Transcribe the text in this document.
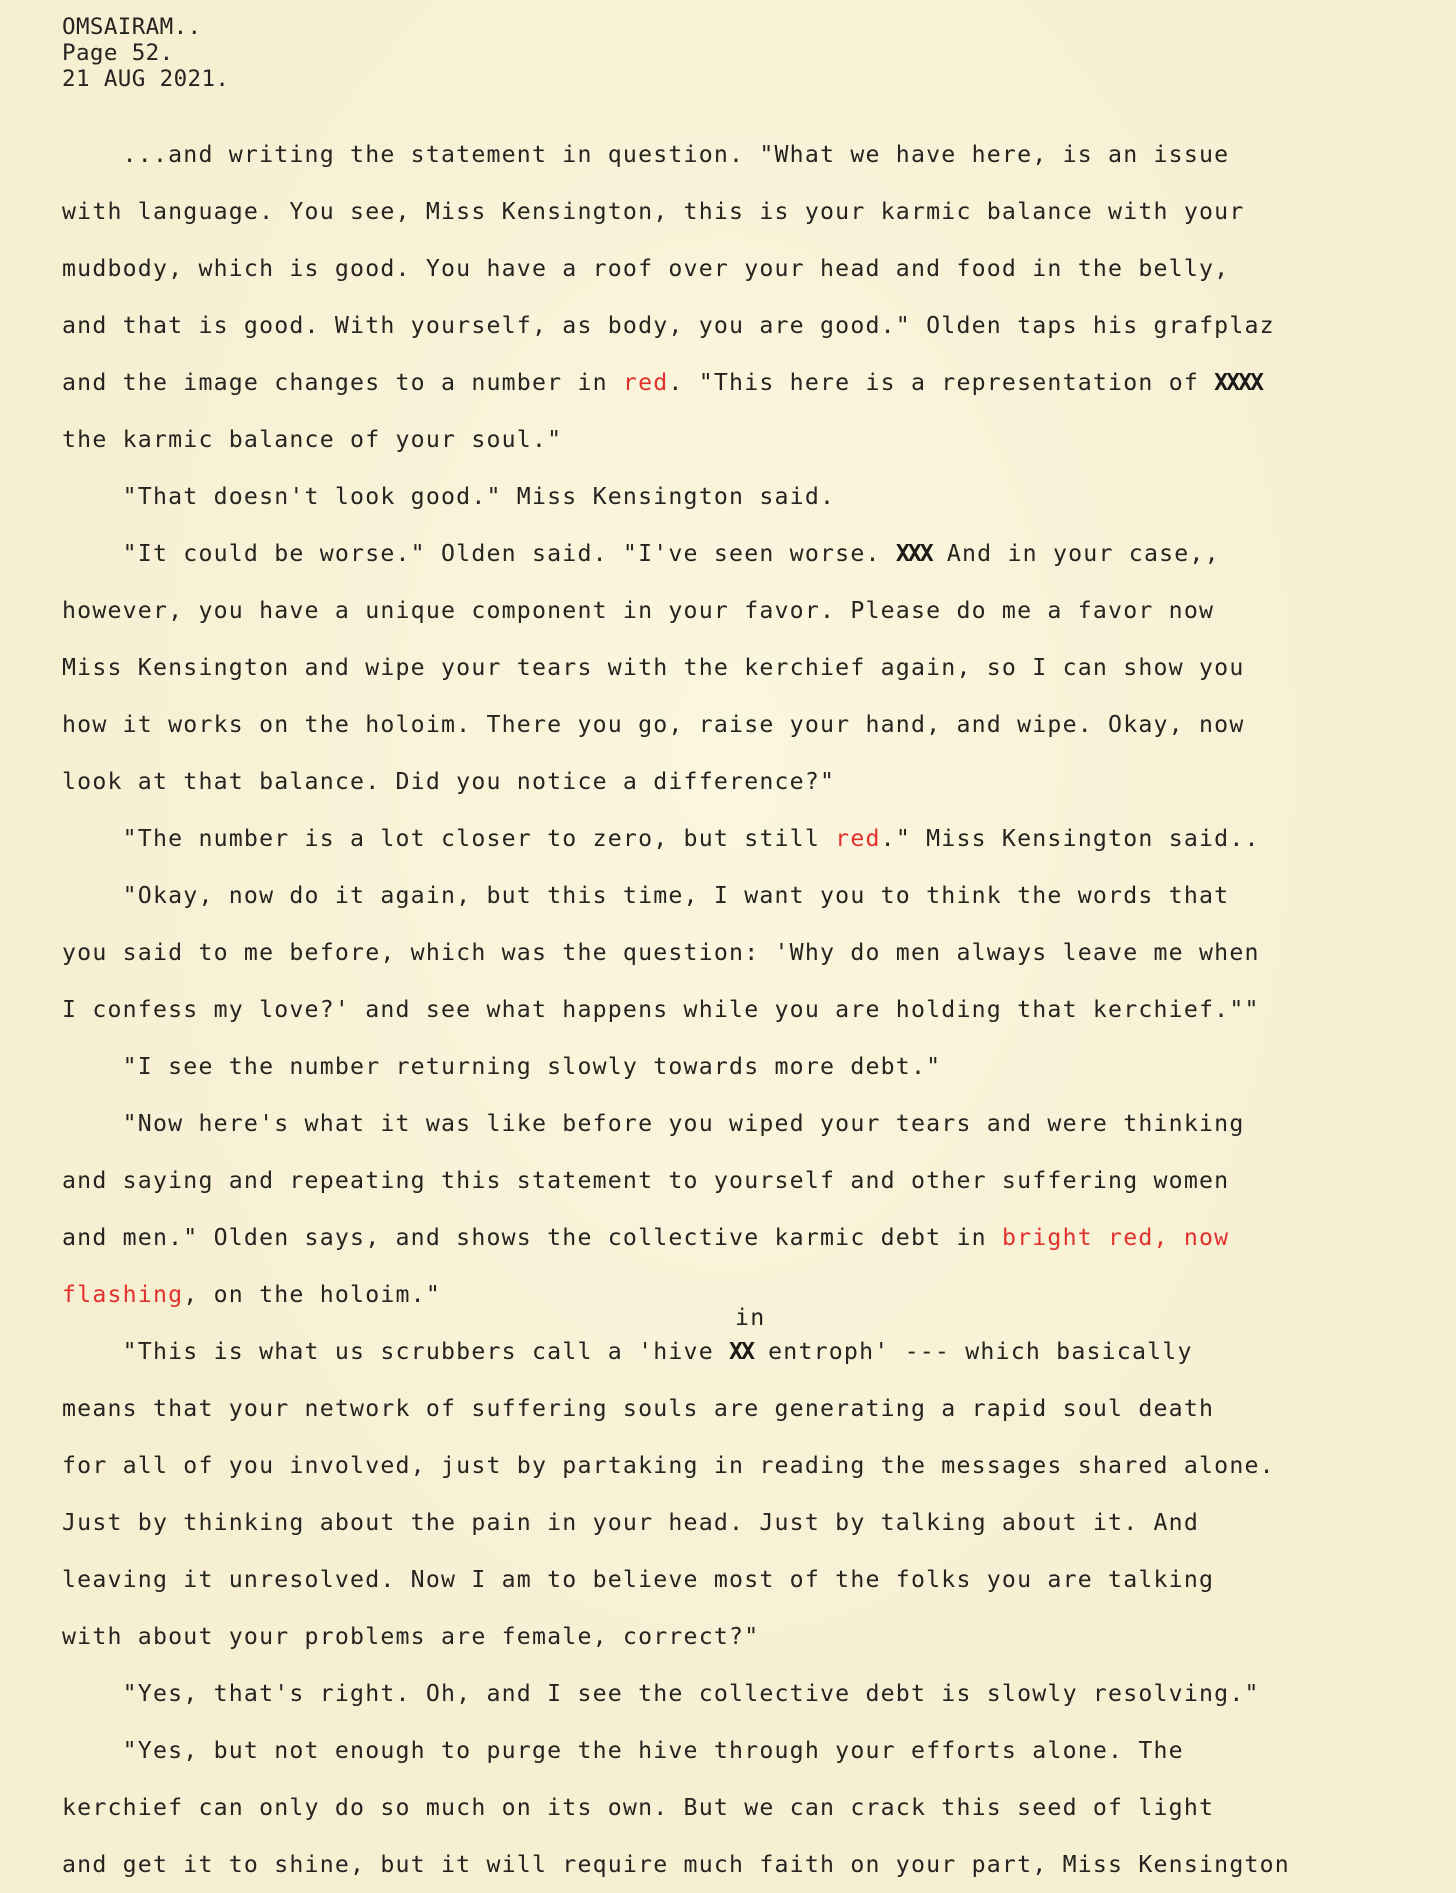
OMSAIRAM..
Page 52.
21 AUG 2021.
...and writing the statement in question. "What we have here, is an issue
with language. You see, Miss Kensington, this is your karmic balance with your
mudbody, which is good. You have a roof over your head and food in the belly,
and that is good. With yourself, as body, you are good." Olden taps his grafplaz
and the image changes to a number in red. "This here is a representation of XXXX
the karmic balance of your soul."
"That doesn't look good." Miss Kensington said.
"It could be worse." Olden said. "I've seen worse. XXX And in your case,,
however, you have a unique component in your favor. Please do me a favor now
Miss Kensington and wipe your tears with the kerchief again, so I can show you
how it works on the holoim. There you go, raise your hand, and wipe. Okay, now
look at that balance. Did you notice a difference?"
"The number is a lot closer to zero, but still red." Miss Kensington said..
"Okay, now do it again, but this time, I want you to think the words that
you said to me before, which was the question: 'Why do men always leave me when
I confess my love?' and see what happens while you are holding that kerchief.""
"I see the number returning slowly towards more debt."
"Now here's what it was like before you wiped your tears and were thinking
and saying and repeating this statement to yourself and other suffering women
and men." Olden says, and shows the collective karmic debt in bright red, now
flashing, on the holoim."
"This is what us scrubbers call a 'hive
in
XX entroph' --- which basically
means that your network of suffering souls are generating a rapid soul death
for all of you involved, just by partaking in reading the messages shared alone.
Just by thinking about the pain in your head. Just by talking about it. And
leaving it unresolved. Now I am to believe most of the folks you are talking
with about your problems are female, correct?"
"Yes, that's right. Oh, and I see the collective debt is slowly resolving."
"Yes, but not enough to purge the hive through your efforts alone. The
kerchief can only do so much on its own. But we can crack this seed of light
and get it to shine, but it will require much faith on your part, Miss Kensington
